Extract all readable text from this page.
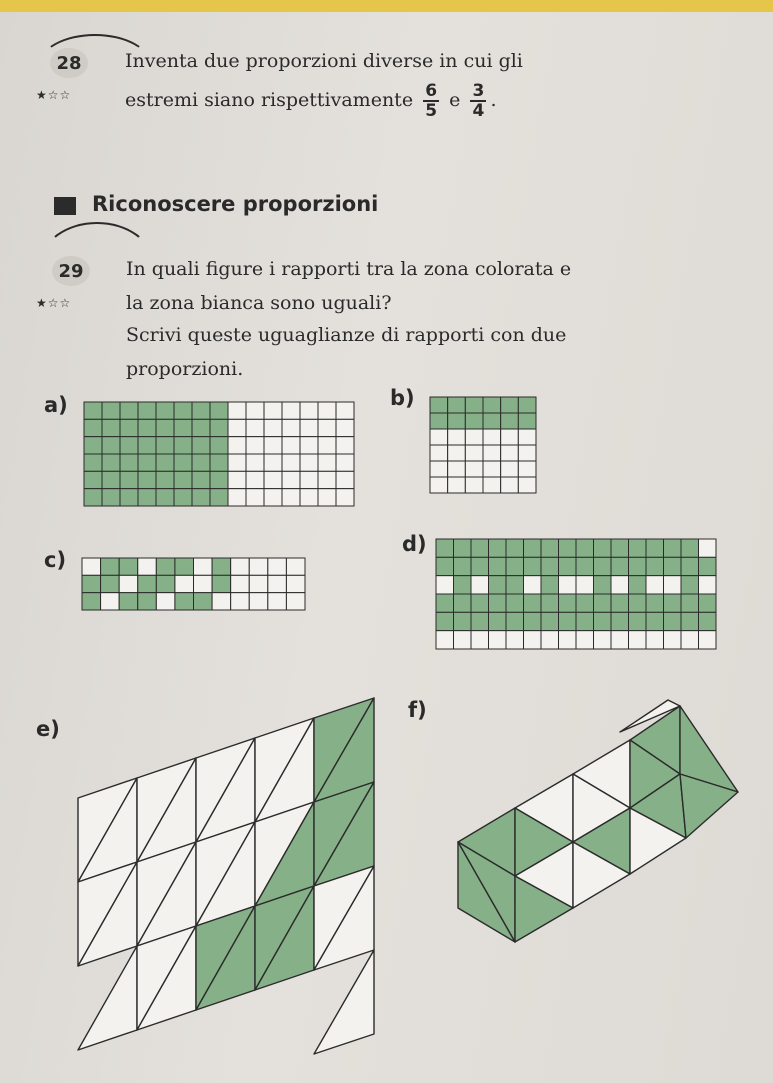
28
★☆☆
Inventa due proporzioni diverse in cui gli
estremi siano rispettivamente $\frac{6}{5}$ e $\frac{3}{4}$ .
Riconoscere proporzioni
29
★☆☆
In quali figure i rapporti tra la zona colorata e
la zona bianca sono uguali?
Scrivi queste uguaglianze di rapporti con due
proporzioni.
a)	b)
c)
d)
e)
f)
